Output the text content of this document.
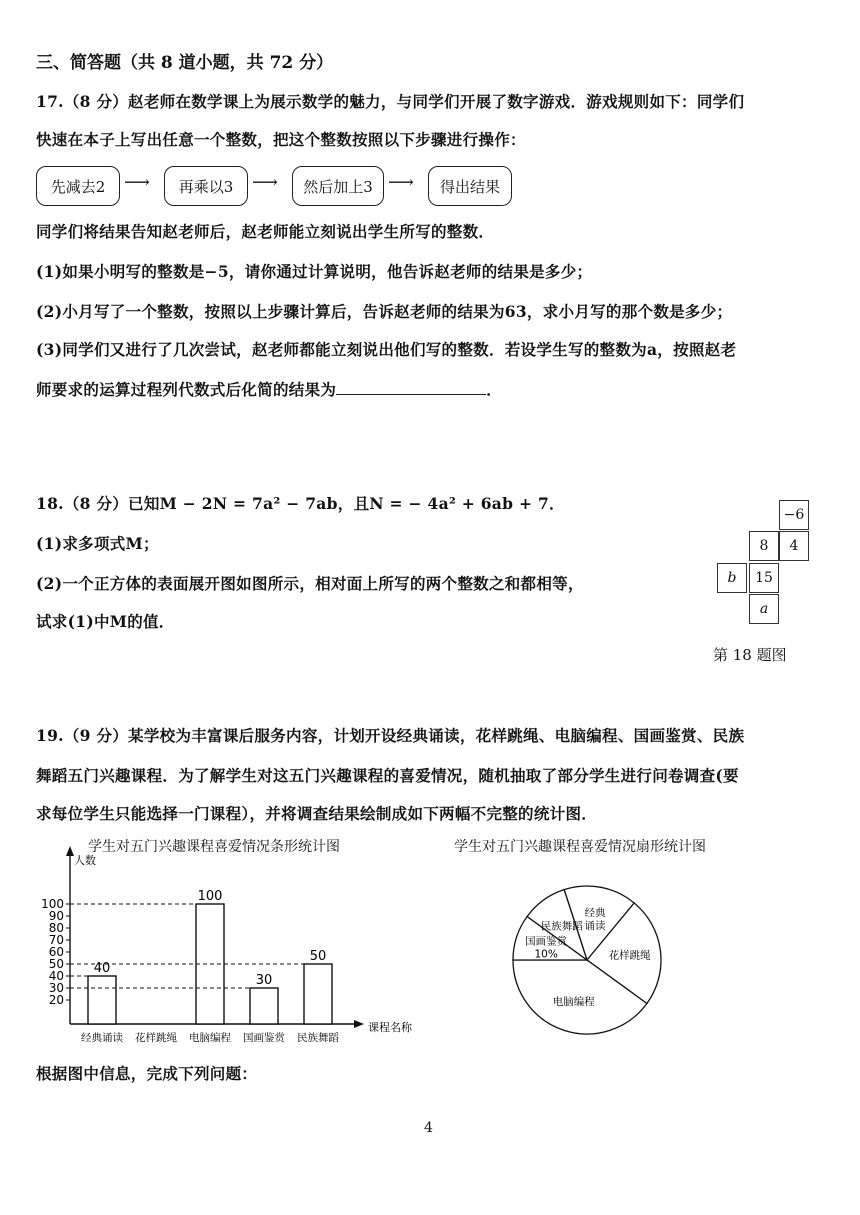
三、简答题（共 8 道小题，共 72 分）
17.（8 分）赵老师在数学课上为展示数学的魅力，与同学们开展了数字游戏．游戏规则如下：同学们
快速在本子上写出任意一个整数，把这个整数按照以下步骤进行操作：
先减去2	⟶	再乘以3	⟶	然后加上3 ⟶	得出结果
同学们将结果告知赵老师后，赵老师能立刻说出学生所写的整数．
(1)如果小明写的整数是−5，请你通过计算说明，他告诉赵老师的结果是多少；
(2)小月写了一个整数，按照以上步骤计算后，告诉赵老师的结果为63，求小月写的那个数是多少；
(3)同学们又进行了几次尝试，赵老师都能立刻说出他们写的整数．若设学生写的整数为a，按照赵老
师要求的运算过程列代数式后化简的结果为	．
18.（8 分）已知M − 2N = 7a² − 7ab，且N = − 4a² + 6ab + 7．
(1)求多项式M；
(2)一个正方体的表面展开图如图所示，相对面上所写的两个整数之和都相等，
试求(1)中M的值．
−6
8	4
b	15
a
第 18 题图
19.（9 分）某学校为丰富课后服务内容，计划开设经典诵读，花样跳绳、电脑编程、国画鉴赏、民族
舞蹈五门兴趣课程．为了解学生对这五门兴趣课程的喜爱情况，随机抽取了部分学生进行问卷调查(要
求每位学生只能选择一门课程），并将调查结果绘制成如下两幅不完整的统计图．
学生对五门兴趣课程喜爱情况条形统计图	学生对五门兴趣课程喜爱情况扇形统计图
20
30
40
50
60
70
80
90
100
经典诵读
40
花样跳绳 电脑编程
100
国画鉴赏
30
民族舞蹈
50
人数
课程名称
经典诵读
花样跳绳
电脑编程
国画鉴赏 10%
民族舞蹈
根据图中信息，完成下列问题：
4
